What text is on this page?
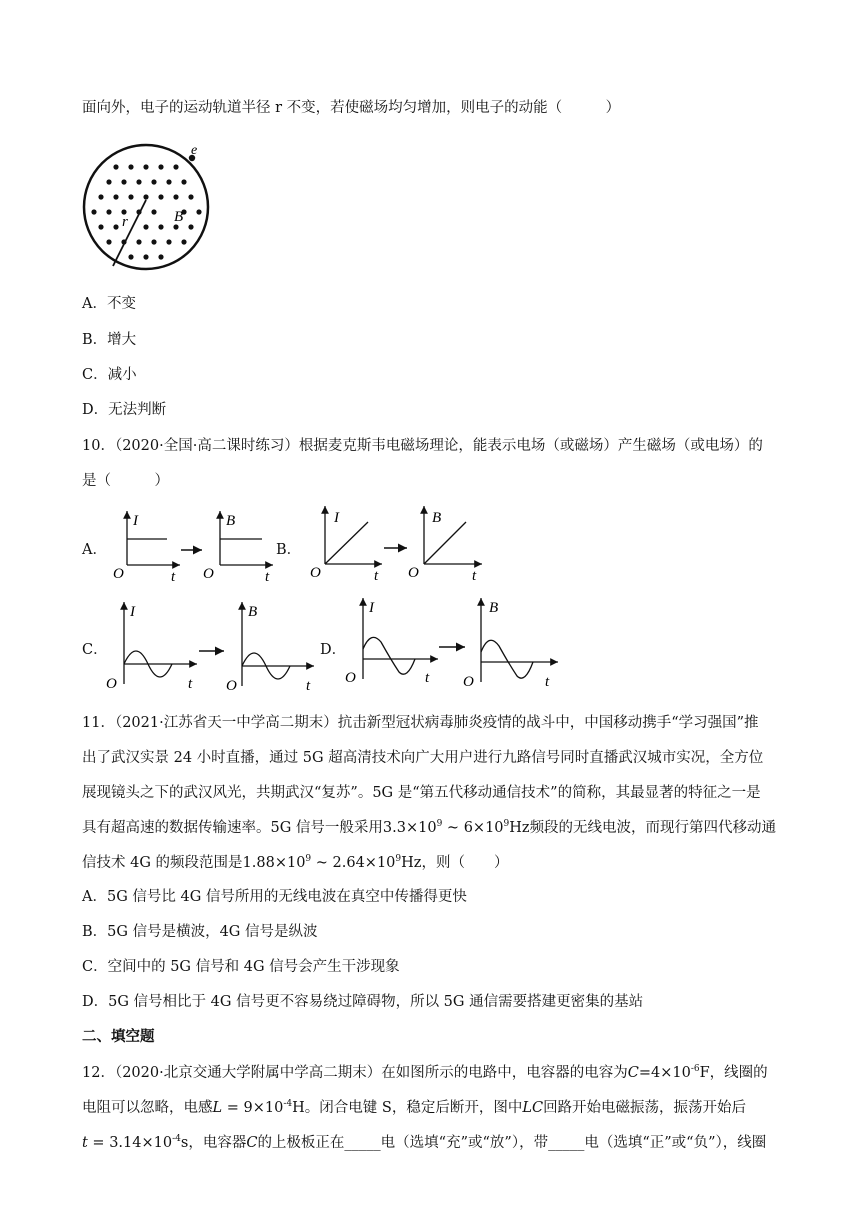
面向外，电子的运动轨道半径 r 不变，若使磁场均匀增加，则电子的动能（　　　）
e
r	B
A．不变
B．增大
C．减小
D．无法判断
10．（2020·全国·高二课时练习）根据麦克斯韦电磁场理论，能表示电场（或磁场）产生磁场（或电场）的
是（　　　）
A．	B．
C．	D．
I
O	t
B
O	t
I
O	t
B
O	t
I
O	t
B
O	t
I
O	t
B
O	t
11．（2021·江苏省天一中学高二期末）抗击新型冠状病毒肺炎疫情的战斗中，中国移动携手“学习强国”推
出了武汉实景 24 小时直播，通过 5G 超高清技术向广大用户进行九路信号同时直播武汉城市实况，全方位
展现镜头之下的武汉风光，共期武汉“复苏”。5G 是“第五代移动通信技术”的简称，其最显著的特征之一是
具有超高速的数据传输速率。5G 信号一般采用$3.3\times 10^9$ ~ $6\times 10^9Hz$频段的无线电波，而现行第四代移动通
信技术 4G 的频段范围是$1.88\times 10^9$ ~ $2.64\times 10^9Hz$，则（　　）
A．5G 信号比 4G 信号所用的无线电波在真空中传播得更快
B．5G 信号是横波，4G 信号是纵波
C．空间中的 5G 信号和 4G 信号会产生干涉现象
D．5G 信号相比于 4G 信号更不容易绕过障碍物，所以 5G 通信需要搭建更密集的基站
二、填空题
12．（2020·北京交通大学附属中学高二期末）在如图所示的电路中，电容器的电容为$C=4\times 10^{-6}F$，线圈的
电阻可以忽略，电感$L = 9\times 10^{-4}H$。闭合电键 S，稳定后断开，图中LC回路开始电磁振荡，振荡开始后
$t = 3.14\times 10^{-4}s$，电容器C的上极板正在_____电（选填“充”或“放”），带_____电（选填“正”或“负”），线圈
